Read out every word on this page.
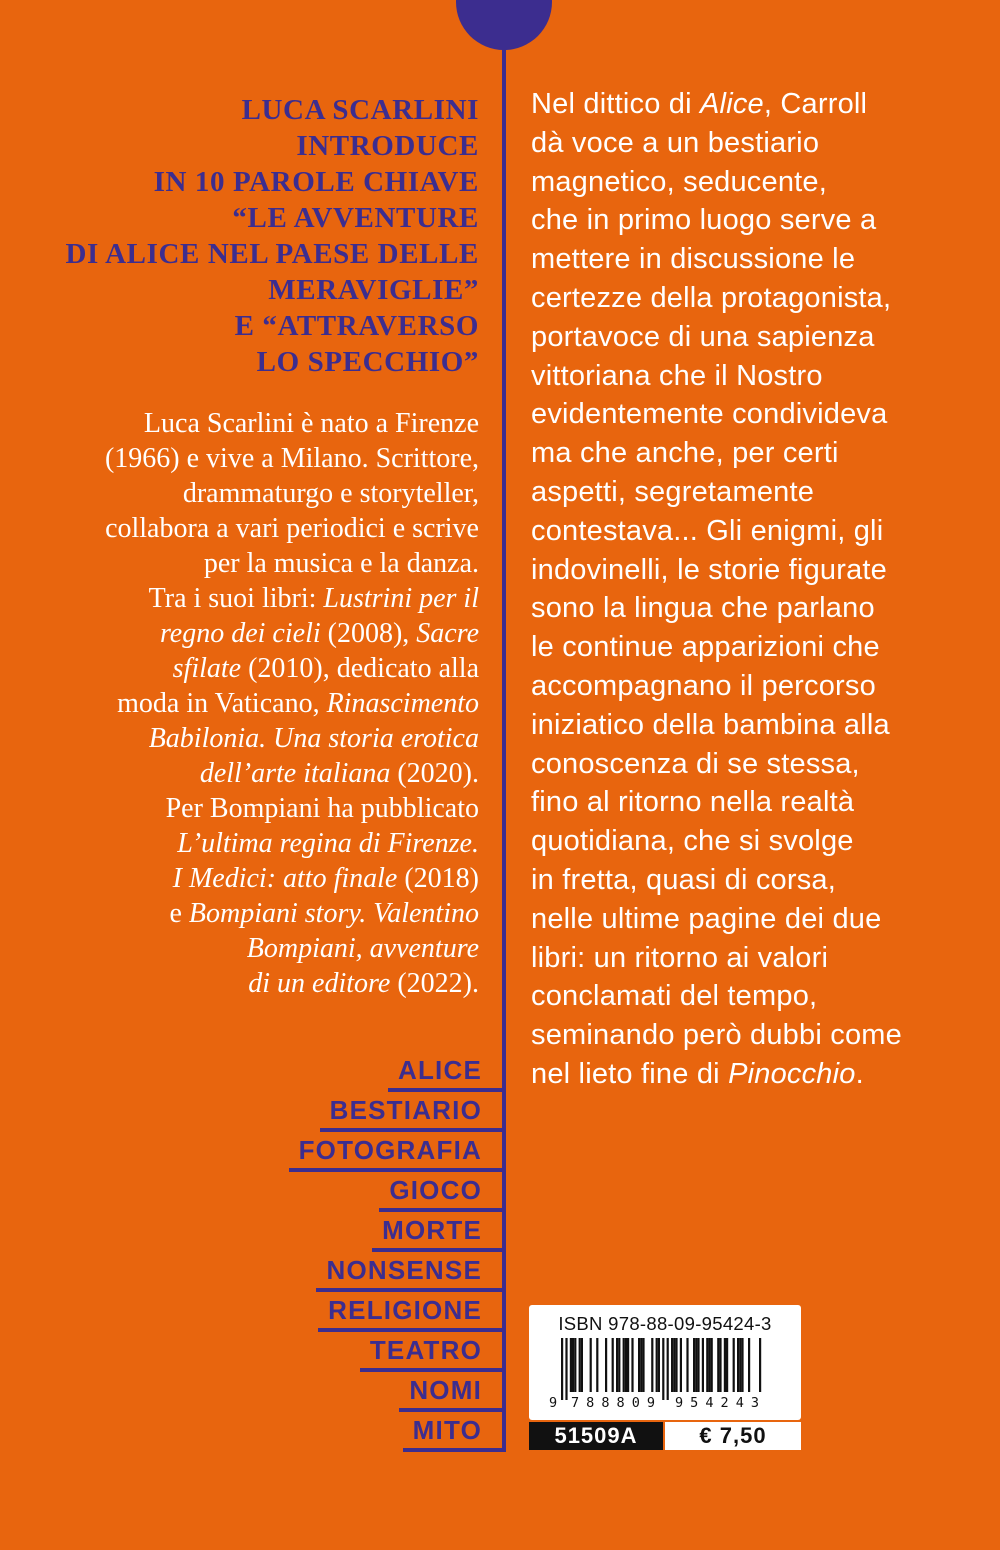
LUCA SCARLINI
INTRODUCE
IN 10 PAROLE CHIAVE
“LE AVVENTURE
DI ALICE NEL PAESE DELLE
MERAVIGLIE”
E “ATTRAVERSO
LO SPECCHIO”
Luca Scarlini è nato a Firenze
(1966) e vive a Milano. Scrittore,
drammaturgo e storyteller,
collabora a vari periodici e scrive
per la musica e la danza.
Tra i suoi libri: Lustrini per il
regno dei cieli (2008), Sacre
sfilate (2010), dedicato alla
moda in Vaticano, Rinascimento
Babilonia. Una storia erotica
dell’arte italiana (2020).
Per Bompiani ha pubblicato
L’ultima regina di Firenze.
I Medici: atto finale (2018)
e Bompiani story. Valentino
Bompiani, avventure
di un editore (2022).
Nel dittico di Alice, Carroll
dà voce a un bestiario
magnetico, seducente,
che in primo luogo serve a
mettere in discussione le
certezze della protagonista,
portavoce di una sapienza
vittoriana che il Nostro
evidentemente condivideva
ma che anche, per certi
aspetti, segretamente
contestava... Gli enigmi, gli
indovinelli, le storie figurate
sono la lingua che parlano
le continue apparizioni che
accompagnano il percorso
iniziatico della bambina alla
conoscenza di se stessa,
fino al ritorno nella realtà
quotidiana, che si svolge
in fretta, quasi di corsa,
nelle ultime pagine dei due
libri: un ritorno ai valori
conclamati del tempo,
seminando però dubbi come
nel lieto fine di Pinocchio.
ALICE
BESTIARIO
FOTOGRAFIA
GIOCO
MORTE
NONSENSE
RELIGIONE
TEATRO
NOMI
MITO
ISBN 978-88-09-95424-3
9 788809 954243
51509A	€ 7,50
